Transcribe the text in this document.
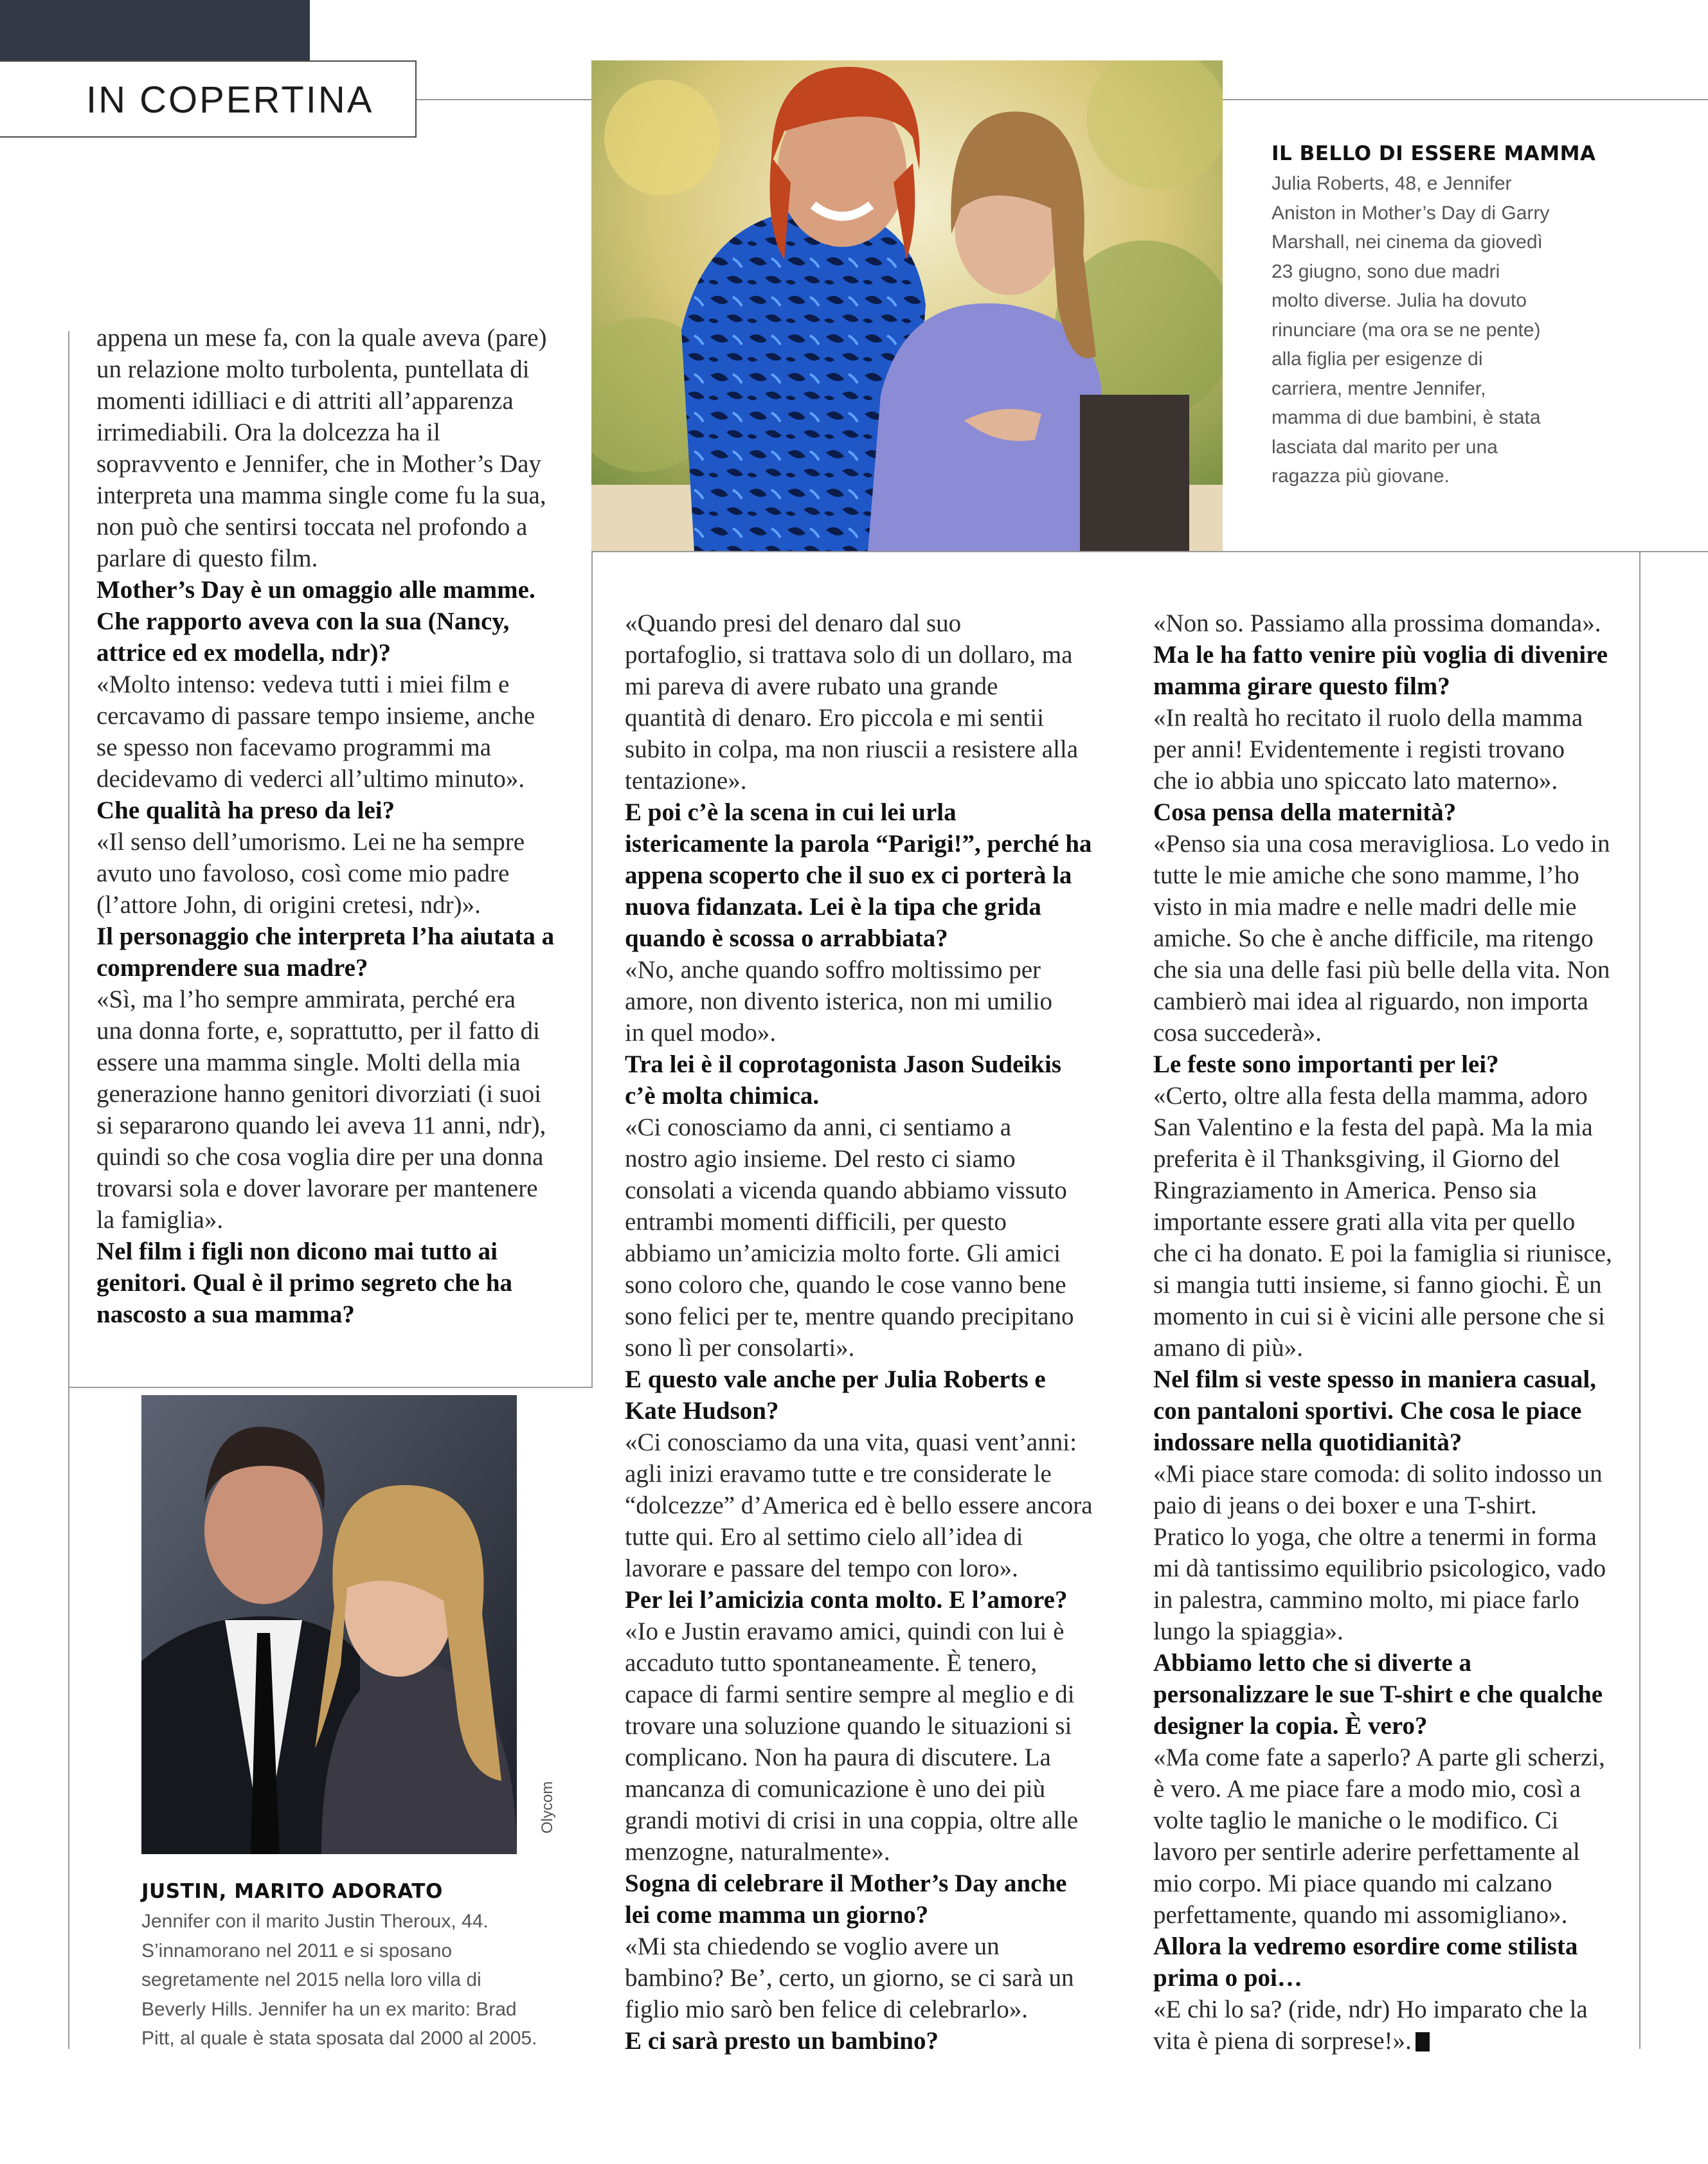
IN COPERTINA
IL BELLO DI ESSERE MAMMA
Julia Roberts, 48, e Jennifer
Aniston in Mother’s Day di Garry
Marshall, nei cinema da giovedì
23 giugno, sono due madri
molto diverse. Julia ha dovuto
rinunciare (ma ora se ne pente)
alla figlia per esigenze di
carriera, mentre Jennifer,
mamma di due bambini, è stata
lasciata dal marito per una
ragazza più giovane.

appena un mese fa, con la quale aveva (pare)
un relazione molto turbolenta, puntellata di
momenti idilliaci e di attriti all’apparenza
irrimediabili. Ora la dolcezza ha il
sopravvento e Jennifer, che in Mother’s Day
interpreta una mamma single come fu la sua,
non può che sentirsi toccata nel profondo a
parlare di questo film.

Mother’s Day è un omaggio alle mamme.
Che rapporto aveva con la sua (Nancy,
attrice ed ex modella, ndr)?

«Molto intenso: vedeva tutti i miei film e
cercavamo di passare tempo insieme, anche
se spesso non facevamo programmi ma
decidevamo di vederci all’ultimo minuto».

Che qualità ha preso da lei?

«Il senso dell’umorismo. Lei ne ha sempre
avuto uno favoloso, così come mio padre
(l’attore John, di origini cretesi, ndr)».

Il personaggio che interpreta l’ha aiutata a
comprendere sua madre?

«Sì, ma l’ho sempre ammirata, perché era
una donna forte, e, soprattutto, per il fatto di
essere una mamma single. Molti della mia
generazione hanno genitori divorziati (i suoi
si separarono quando lei aveva 11 anni, ndr),
quindi so che cosa voglia dire per una donna
trovarsi sola e dover lavorare per mantenere
la famiglia».

Nel film i figli non dicono mai tutto ai
genitori. Qual è il primo segreto che ha
nascosto a sua mamma?

Olycom
JUSTIN, MARITO ADORATO
Jennifer con il marito Justin Theroux, 44.
S’innamorano nel 2011 e si sposano
segretamente nel 2015 nella loro villa di
Beverly Hills. Jennifer ha un ex marito: Brad
Pitt, al quale è stata sposata dal 2000 al 2005.

«Quando presi del denaro dal suo
portafoglio, si trattava solo di un dollaro, ma
mi pareva di avere rubato una grande
quantità di denaro. Ero piccola e mi sentii
subito in colpa, ma non riuscii a resistere alla
tentazione».

E poi c’è la scena in cui lei urla
istericamente la parola “Parigi!”, perché ha
appena scoperto che il suo ex ci porterà la
nuova fidanzata. Lei è la tipa che grida
quando è scossa o arrabbiata?

«No, anche quando soffro moltissimo per
amore, non divento isterica, non mi umilio
in quel modo».

Tra lei è il coprotagonista Jason Sudeikis
c’è molta chimica.

«Ci conosciamo da anni, ci sentiamo a
nostro agio insieme. Del resto ci siamo
consolati a vicenda quando abbiamo vissuto
entrambi momenti difficili, per questo
abbiamo un’amicizia molto forte. Gli amici
sono coloro che, quando le cose vanno bene
sono felici per te, mentre quando precipitano
sono lì per consolarti».

E questo vale anche per Julia Roberts e
Kate Hudson?

«Ci conosciamo da una vita, quasi vent’anni:
agli inizi eravamo tutte e tre considerate le
“dolcezze” d’America ed è bello essere ancora
tutte qui. Ero al settimo cielo all’idea di
lavorare e passare del tempo con loro».

Per lei l’amicizia conta molto. E l’amore?

«Io e Justin eravamo amici, quindi con lui è
accaduto tutto spontaneamente. È tenero,
capace di farmi sentire sempre al meglio e di
trovare una soluzione quando le situazioni si
complicano. Non ha paura di discutere. La
mancanza di comunicazione è uno dei più
grandi motivi di crisi in una coppia, oltre alle
menzogne, naturalmente».

Sogna di celebrare il Mother’s Day anche
lei come mamma un giorno?

«Mi sta chiedendo se voglio avere un
bambino? Be’, certo, un giorno, se ci sarà un
figlio mio sarò ben felice di celebrarlo».

E ci sarà presto un bambino?

«Non so. Passiamo alla prossima domanda».

Ma le ha fatto venire più voglia di divenire
mamma girare questo film?

«In realtà ho recitato il ruolo della mamma
per anni! Evidentemente i registi trovano
che io abbia uno spiccato lato materno».

Cosa pensa della maternità?

«Penso sia una cosa meravigliosa. Lo vedo in
tutte le mie amiche che sono mamme, l’ho
visto in mia madre e nelle madri delle mie
amiche. So che è anche difficile, ma ritengo
che sia una delle fasi più belle della vita. Non
cambierò mai idea al riguardo, non importa
cosa succederà».

Le feste sono importanti per lei?

«Certo, oltre alla festa della mamma, adoro
San Valentino e la festa del papà. Ma la mia
preferita è il Thanksgiving, il Giorno del
Ringraziamento in America. Penso sia
importante essere grati alla vita per quello
che ci ha donato. E poi la famiglia si riunisce,
si mangia tutti insieme, si fanno giochi. È un
momento in cui si è vicini alle persone che si
amano di più».

Nel film si veste spesso in maniera casual,
con pantaloni sportivi. Che cosa le piace
indossare nella quotidianità?

«Mi piace stare comoda: di solito indosso un
paio di jeans o dei boxer e una T-shirt.
Pratico lo yoga, che oltre a tenermi in forma
mi dà tantissimo equilibrio psicologico, vado
in palestra, cammino molto, mi piace farlo
lungo la spiaggia».

Abbiamo letto che si diverte a
personalizzare le sue T-shirt e che qualche
designer la copia. È vero?

«Ma come fate a saperlo? A parte gli scherzi,
è vero. A me piace fare a modo mio, così a
volte taglio le maniche o le modifico. Ci
lavoro per sentirle aderire perfettamente al
mio corpo. Mi piace quando mi calzano
perfettamente, quando mi assomigliano».

Allora la vedremo esordire come stilista
prima o poi…

«E chi lo sa? (ride, ndr) Ho imparato che la
vita è piena di sorprese!».
